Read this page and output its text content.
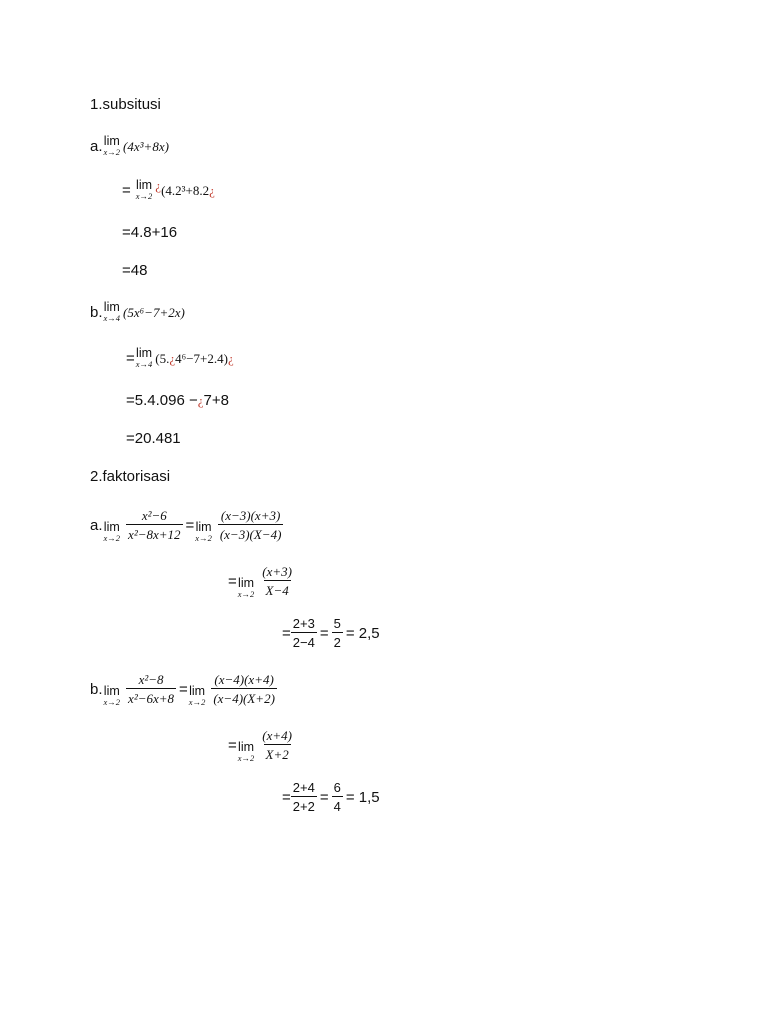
1.subsitusi
a. lim
x→2 (4x³+8x)
= lim
x→2
¿ (4.2³+8.2 ¿
=4.8+16
=48
b. lim
x→4 (5x⁶−7+2x)
= lim
x→4 (5. ¿ 4⁶−7+2.4) ¿
=5.4.096 − ¿ 7+8
=20.481
2.faktorisasi
a. lim
$x\to 2 \frac{\text{x²−6}}{\text{x²−8x+12}} = \lim$
$x\to 2 \frac{(x-3)(x+3)}{(x-3)(X-4)}$
= lim
$x\to 2 \frac{(x+3)}{X-4}$
= $\frac{2+3}{2-4} = \frac{5}{2} = 2,5$
b. lim
$x\to 2 \frac{\text{x²−8}}{\text{x²−6x+8}} = \lim$
$x\to 2 \frac{(x-4)(x+4)}{(x-4)(X+2)}$
= lim
$x\to 2 \frac{(x+4)}{X+2}$
= $\frac{2+4}{2+2} = \frac{6}{4} = 1,5$
